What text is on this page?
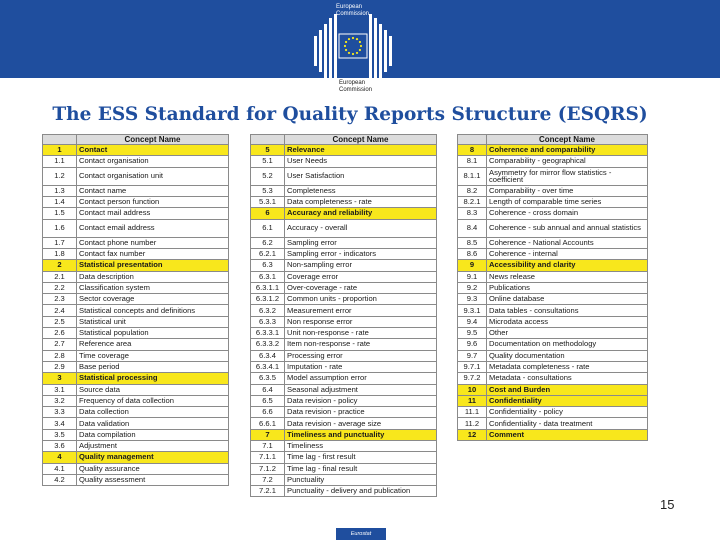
European
Commission
European
Commission
The ESS Standard for Quality Reports Structure (ESQRS)
	Concept Name
1	Contact
1.1	Contact organisation
1.2	Contact organisation unit
1.3	Contact name
1.4	Contact person function
1.5	Contact mail address
1.6	Contact email address
1.7	Contact phone number
1.8	Contact fax number
2	Statistical presentation
2.1	Data description
2.2	Classification system
2.3	Sector coverage
2.4	Statistical concepts and definitions
2.5	Statistical unit
2.6	Statistical population
2.7	Reference area
2.8	Time coverage
2.9	Base period
3	Statistical processing
3.1	Source data
3.2	Frequency of data collection
3.3	Data collection
3.4	Data validation
3.5	Data compilation
3.6	Adjustment
4	Quality management
4.1	Quality assurance
4.2	Quality assessment
	Concept Name
5	Relevance
5.1	User Needs
5.2	User Satisfaction
5.3	Completeness
5.3.1	Data completeness - rate
6	Accuracy and reliability
6.1	Accuracy - overall
6.2	Sampling error
6.2.1	Sampling error - indicators
6.3	Non-sampling error
6.3.1	Coverage error
6.3.1.1	Over-coverage - rate
6.3.1.2	Common units - proportion
6.3.2	Measurement error
6.3.3	Non response error
6.3.3.1	Unit non-response - rate
6.3.3.2	Item non-response - rate
6.3.4	Processing error
6.3.4.1	Imputation - rate
6.3.5	Model assumption error
6.4	Seasonal adjustment
6.5	Data revision - policy
6.6	Data revision - practice
6.6.1	Data revision - average size
7	Timeliness and punctuality
7.1	Timeliness
7.1.1	Time lag - first result
7.1.2	Time lag - final result
7.2	Punctuality
7.2.1	Punctuality - delivery and publication
	Concept Name
8	Coherence and comparability
8.1	Comparability - geographical
8.1.1	Asymmetry for mirror flow statistics - coefficient
8.2	Comparability - over time
8.2.1	Length of comparable time series
8.3	Coherence - cross domain
8.4	Coherence - sub annual and annual statistics
8.5	Coherence - National Accounts
8.6	Coherence - internal
9	Accessibility and clarity
9.1	News release
9.2	Publications
9.3	Online database
9.3.1	Data tables - consultations
9.4	Microdata access
9.5	Other
9.6	Documentation on methodology
9.7	Quality documentation
9.7.1	Metadata completeness - rate
9.7.2	Metadata - consultations
10	Cost and Burden
11	Confidentiality
11.1	Confidentiality - policy
11.2	Confidentiality - data treatment
12	Comment
15
Eurostat
